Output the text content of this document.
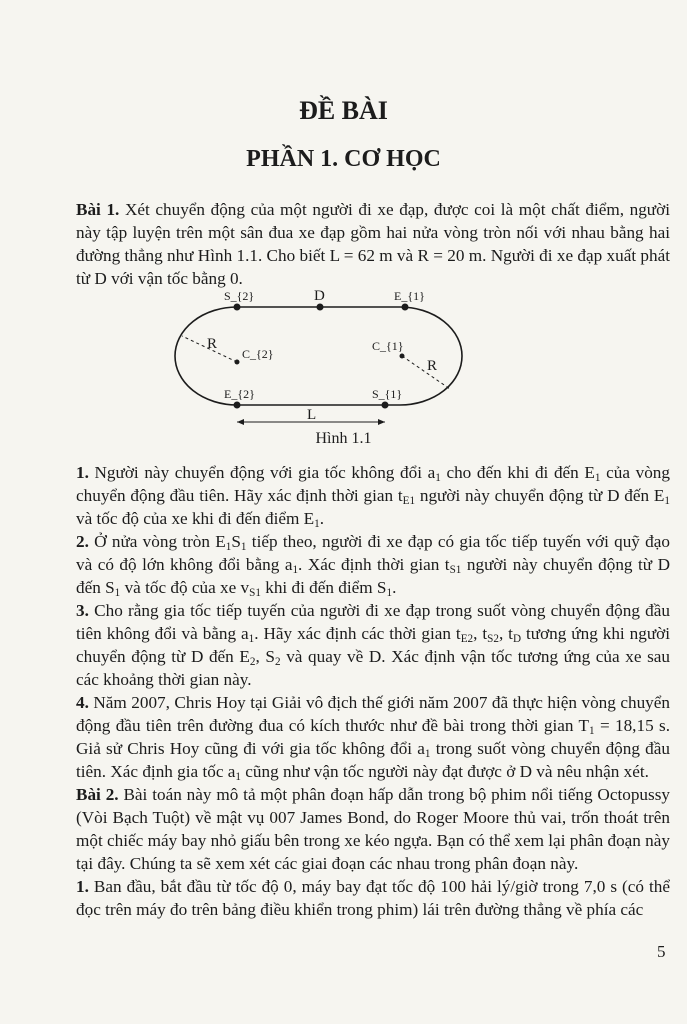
ĐỀ BÀI
PHẦN 1. CƠ HỌC

Bài 1. Xét chuyển động của một người đi xe đạp, được coi là một chất điểm, người này tập luyện trên một sân đua xe đạp gồm hai nửa vòng tròn nối với nhau bằng hai đường thẳng như Hình 1.1. Cho biết L = 62 m và R = 20 m. Người đi xe đạp xuất phát từ D với vận tốc bằng 0.

S_{2}	D	E_{1}
C_{2}
C_{1}
R
R
E_{2}	S_{1}
L
Hình 1.1

1. Người này chuyển động với gia tốc không đổi $a_1$ cho đến khi đi đến $E_1$ của vòng chuyển động đầu tiên. Hãy xác định thời gian $t_{E1}$ người này chuyển động từ D đến $E_1$ và tốc độ của xe khi đi đến điểm $E_1$.

2. Ở nửa vòng tròn $E_1S_1$ tiếp theo, người đi xe đạp có gia tốc tiếp tuyến với quỹ đạo và có độ lớn không đổi bằng $a_1$. Xác định thời gian $t_{S1}$ người này chuyển động từ D đến $S_1$ và tốc độ của xe $v_{S1}$ khi đi đến điểm $S_1$.

3. Cho rằng gia tốc tiếp tuyến của người đi xe đạp trong suốt vòng chuyển động đầu tiên không đổi và bằng $a_1$. Hãy xác định các thời gian $t_{E2}$, $t_{S2}$, $t_D$ tương ứng khi người chuyển động từ D đến $E_2$, $S_2$ và quay về D. Xác định vận tốc tương ứng của xe sau các khoảng thời gian này.

4. Năm 2007, Chris Hoy tại Giải vô địch thế giới năm 2007 đã thực hiện vòng chuyển động đầu tiên trên đường đua có kích thước như đề bài trong thời gian $T_1 = 18,15$ s. Giả sử Chris Hoy cũng đi với gia tốc không đổi $a_1$ trong suốt vòng chuyển động đầu tiên. Xác định gia tốc $a_1$ cũng như vận tốc người này đạt được ở D và nêu nhận xét.

Bài 2. Bài toán này mô tả một phân đoạn hấp dẫn trong bộ phim nổi tiếng Octopussy (Vòi Bạch Tuột) về mật vụ 007 James Bond, do Roger Moore thủ vai, trốn thoát trên một chiếc máy bay nhỏ giấu bên trong xe kéo ngựa. Bạn có thể xem lại phân đoạn này tại đây. Chúng ta sẽ xem xét các giai đoạn các nhau trong phân đoạn này.

1. Ban đầu, bắt đầu từ tốc độ 0, máy bay đạt tốc độ 100 hải lý/giờ trong 7,0 s (có thể đọc trên máy đo trên bảng điều khiển trong phim) lái trên đường thẳng về phía các

5
